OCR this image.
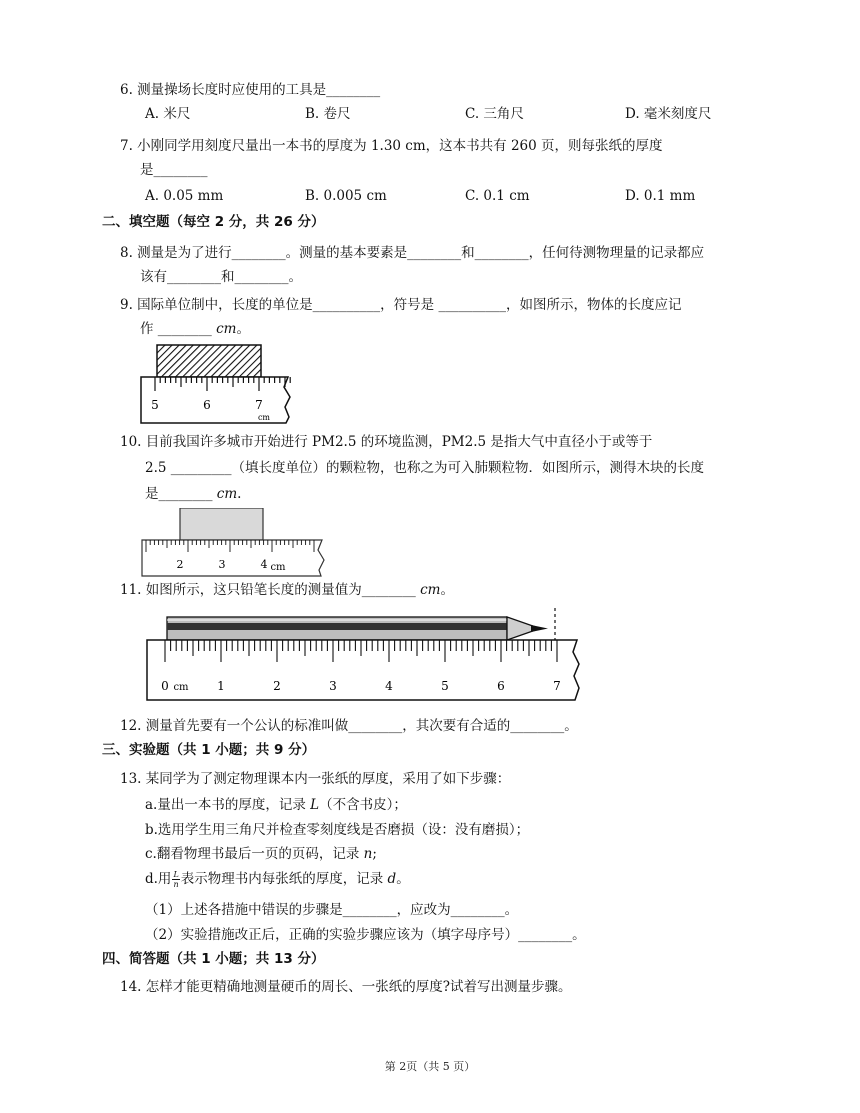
6. 测量操场长度时应使用的工具是________
A. 米尺	B. 卷尺	C. 三角尺	D. 毫米刻度尺
7. 小刚同学用刻度尺量出一本书的厚度为 1.30 cm，这本书共有 260 页，则每张纸的厚度
是________
A. 0.05 mm	B. 0.005 cm	C. 0.1 cm	D. 0.1 mm
二、填空题（每空 2 分，共 26 分）
8. 测量是为了进行________。测量的基本要素是________和________，任何待测物理量的记录都应
该有________和________。
9. 国际单位制中，长度的单位是__________，符号是 __________，如图所示，物体的长度应记
作 ________ cm。
5	6	7
cm
10. 目前我国许多城市开始进行 PM2.5 的环境监测，PM2.5 是指大气中直径小于或等于
2.5 _________（填长度单位）的颗粒物，也称之为可入肺颗粒物．如图所示，测得木块的长度
是________ cm.
2	3	4 cm
11. 如图所示，这只铅笔长度的测量值为________ cm。
0	1	2	3	4	5	6	7
cm
12. 测量首先要有一个公认的标准叫做________，其次要有合适的________。
三、实验题（共 1 小题；共 9 分）
13. 某同学为了测定物理课本内一张纸的厚度，采用了如下步骤：
a.量出一本书的厚度，记录 L（不含书皮）；
b.选用学生用三角尺并检查零刻度线是否磨损（设：没有磨损）；
c.翻看物理书最后一页的页码，记录 n;
d.用 $\frac{L}{n}$ 表示物理书内每张纸的厚度，记录 d。
（1）上述各措施中错误的步骤是________，应改为________。
（2）实验措施改正后，正确的实验步骤应该为（填字母序号）________。
四、简答题（共 1 小题；共 13 分）
14. 怎样才能更精确地测量硬币的周长、一张纸的厚度?试着写出测量步骤。
第 2页（共 5 页）
